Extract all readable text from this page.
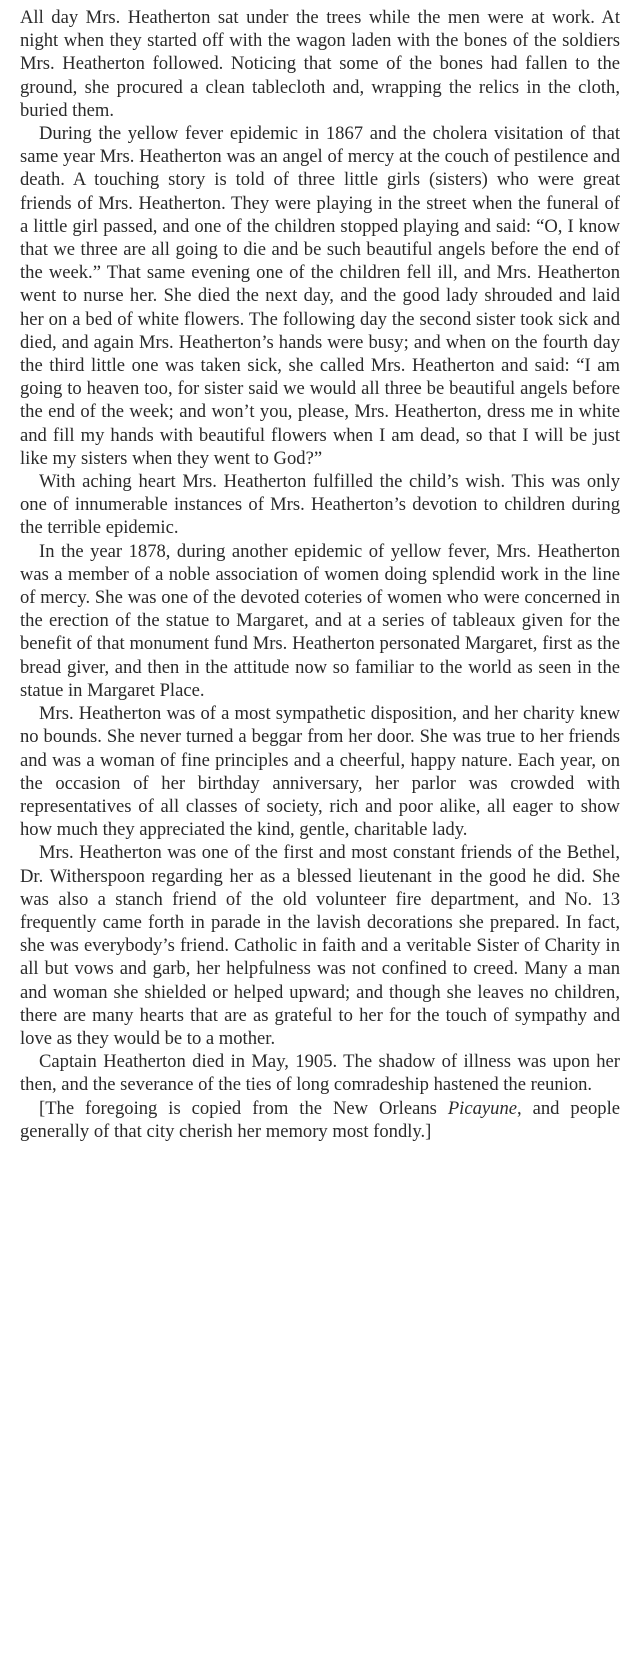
All day Mrs. Heatherton sat under the trees while the men were at work. At night when they started off with the wagon laden with the bones of the soldiers Mrs. Heatherton followed. Noticing that some of the bones had fallen to the ground, she procured a clean tablecloth and, wrapping the relics in the cloth, buried them.

During the yellow fever epidemic in 1867 and the cholera visitation of that same year Mrs. Heatherton was an angel of mercy at the couch of pestilence and death. A touching story is told of three little girls (sisters) who were great friends of Mrs. Heatherton. They were playing in the street when the funeral of a little girl passed, and one of the children stopped playing and said: “O, I know that we three are all going to die and be such beautiful angels before the end of the week.” That same evening one of the children fell ill, and Mrs. Heatherton went to nurse her. She died the next day, and the good lady shrouded and laid her on a bed of white flowers. The following day the second sister took sick and died, and again Mrs. Heatherton’s hands were busy; and when on the fourth day the third little one was taken sick, she called Mrs. Heatherton and said: “I am going to heaven too, for sister said we would all three be beautiful angels before the end of the week; and won’t you, please, Mrs. Heatherton, dress me in white and fill my hands with beautiful flowers when I am dead, so that I will be just like my sisters when they went to God?”

With aching heart Mrs. Heatherton fulfilled the child’s wish. This was only one of innumerable instances of Mrs. Heatherton’s devotion to children during the terrible epidemic.

In the year 1878, during another epidemic of yellow fever, Mrs. Heatherton was a member of a noble association of women doing splendid work in the line of mercy. She was one of the devoted coteries of women who were concerned in the erection of the statue to Margaret, and at a series of tableaux given for the benefit of that monument fund Mrs. Heatherton personated Margaret, first as the bread giver, and then in the attitude now so familiar to the world as seen in the statue in Margaret Place.

Mrs. Heatherton was of a most sympathetic disposition, and her charity knew no bounds. She never turned a beggar from her door. She was true to her friends and was a woman of fine principles and a cheerful, happy nature. Each year, on the occasion of her birthday anniversary, her parlor was crowded with representatives of all classes of society, rich and poor alike, all eager to show how much they appreciated the kind, gentle, charitable lady.

Mrs. Heatherton was one of the first and most constant friends of the Bethel, Dr. Witherspoon regarding her as a blessed lieutenant in the good he did. She was also a stanch friend of the old volunteer fire department, and No. 13 frequently came forth in parade in the lavish decorations she prepared. In fact, she was everybody’s friend. Catholic in faith and a veritable Sister of Charity in all but vows and garb, her helpfulness was not confined to creed. Many a man and woman she shielded or helped upward; and though she leaves no children, there are many hearts that are as grateful to her for the touch of sympathy and love as they would be to a mother.

Captain Heatherton died in May, 1905. The shadow of illness was upon her then, and the severance of the ties of long comradeship hastened the reunion.

[The foregoing is copied from the New Orleans Picayune, and people generally of that city cherish her memory most fondly.]
